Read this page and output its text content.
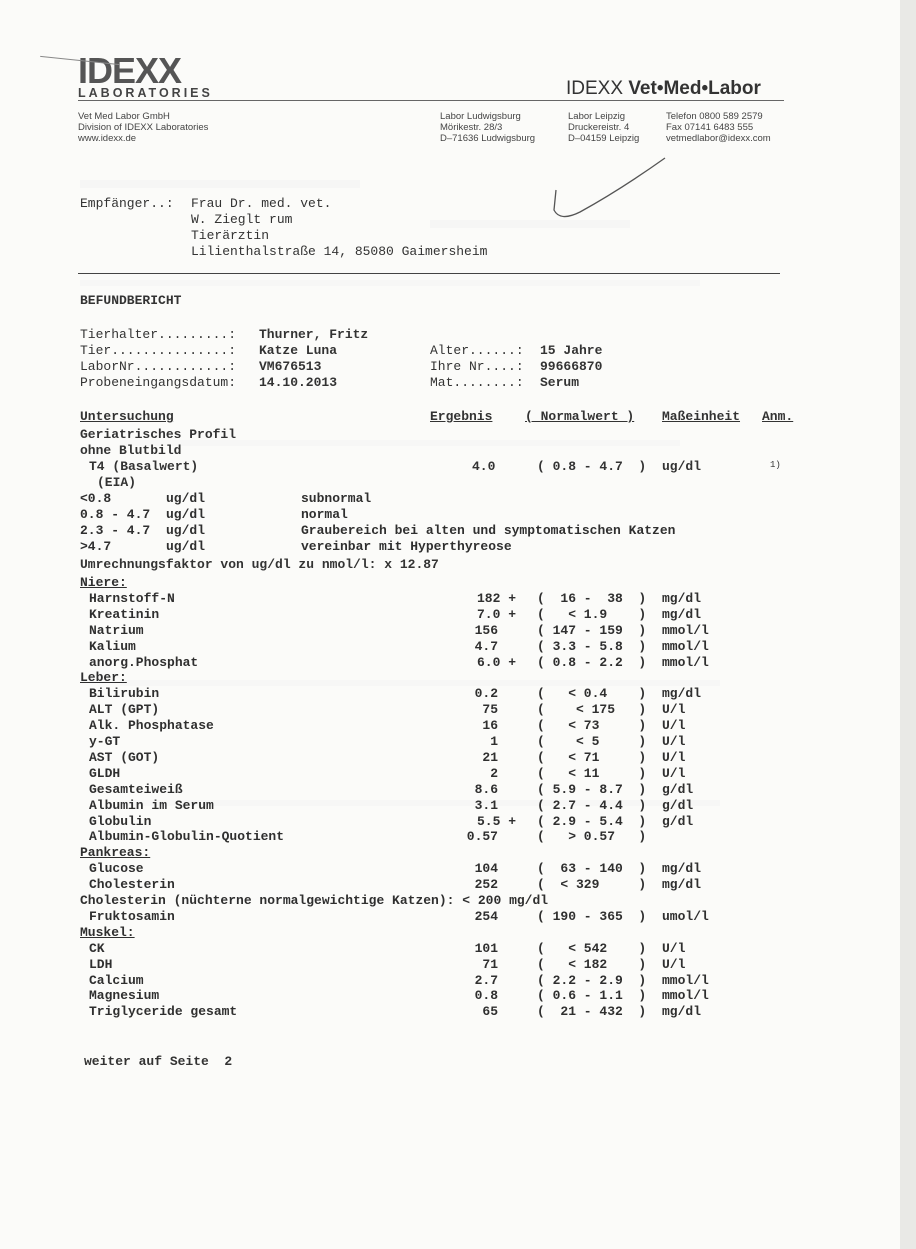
IDEXX
LABORATORIES	IDEXX Vet•Med•Labor
Vet Med Labor GmbH
Division of IDEXX Laboratories
www.idexx.de
Labor Ludwigsburg
Mörikestr. 28/3
D–71636 Ludwigsburg
Labor Leipzig
Druckereistr. 4
D–04159 Leipzig
Telefon 0800 589 2579
Fax 07141 6483 555
vetmedlabor@idexx.com
Empfänger..: Frau Dr. med. vet.
W. Zieglt rum
Tierärztin
Lilienthalstraße 14, 85080 Gaimersheim
BEFUNDBERICHT
Tierhalter.........: Thurner, Fritz
Tier...............: Katze Luna
LaborNr............: VM676513
Probeneingangsdatum: 14.10.2013
Alter......: 15 Jahre
Ihre Nr....: 99666870
Mat........: Serum
Untersuchung	Ergebnis	( Normalwert ) Maßeinheit Anm.
Geriatrisches Profil
ohne Blutbild
T4 (Basalwert)	4.0	( 0.8 - 4.7  ) ug/dl	1)
(EIA)
<0.8	ug/dl	subnormal
0.8 - 4.7 ug/dl	normal
2.3 - 4.7 ug/dl	Graubereich bei alten und symptomatischen Katzen
>4.7	ug/dl	vereinbar mit Hyperthyreose
Umrechnungsfaktor von ug/dl zu nmol/l: x 12.87
Niere:
Harnstoff-N	182 + (  16 -  38  ) mg/dl
Kreatinin	7.0 + (   < 1.9    ) mg/dl
Natrium	156	( 147 - 159  ) mmol/l
Kalium	4.7	( 3.3 - 5.8  ) mmol/l
anorg.Phosphat	6.0 + ( 0.8 - 2.2  ) mmol/l
Leber:
Bilirubin	0.2	(   < 0.4    ) mg/dl
ALT (GPT)	75	(    < 175   ) U/l
Alk. Phosphatase	16	(   < 73     ) U/l
y-GT	1	(    < 5     ) U/l
AST (GOT)	21	(   < 71     ) U/l
GLDH	2	(   < 11     ) U/l
Gesamteiweiß	8.6	( 5.9 - 8.7  ) g/dl
Albumin im Serum	3.1	( 2.7 - 4.4  ) g/dl
Globulin	5.5 + ( 2.9 - 5.4  ) g/dl
Albumin-Globulin-Quotient	0.57	(   > 0.57   )
Pankreas:
Glucose	104	(  63 - 140  ) mg/dl
Cholesterin	252	(  < 329     ) mg/dl
Cholesterin (nüchterne normalgewichtige Katzen): < 200 mg/dl
Fruktosamin	254	( 190 - 365  ) umol/l
Muskel:
CK	101	(   < 542    ) U/l
LDH	71	(   < 182    ) U/l
Calcium	2.7	( 2.2 - 2.9  ) mmol/l
Magnesium	0.8	( 0.6 - 1.1  ) mmol/l
Triglyceride gesamt	65	(  21 - 432  ) mg/dl
weiter auf Seite  2
